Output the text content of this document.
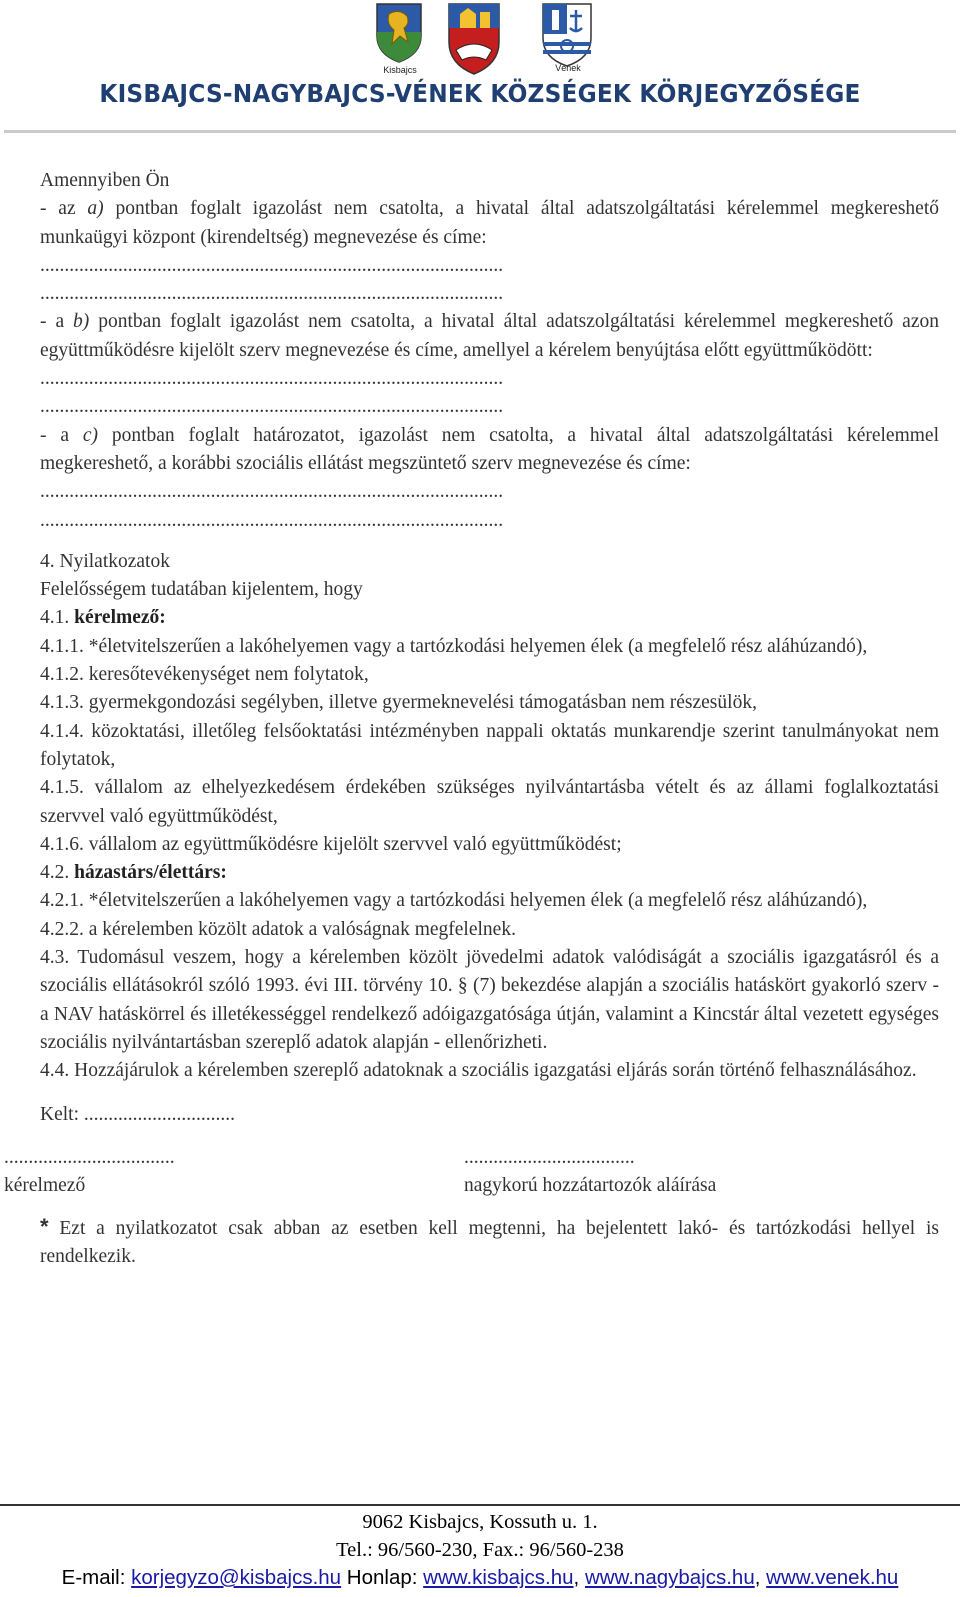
Kisbajcs	Vének
KISBAJCS-NAGYBAJCS-VÉNEK KÖZSÉGEK KÖRJEGYZŐSÉGE

Amennyiben Ön

- az a) pontban foglalt igazolást nem csatolta, a hivatal által adatszolgáltatási kérelemmel megkereshető munkaügyi központ (kirendeltség) megnevezése és címe:

...............................................................................................

...............................................................................................

- a b) pontban foglalt igazolást nem csatolta, a hivatal által adatszolgáltatási kérelemmel megkereshető azon együttműködésre kijelölt szerv megnevezése és címe, amellyel a kérelem benyújtása előtt együttműködött:

...............................................................................................

...............................................................................................

- a c) pontban foglalt határozatot, igazolást nem csatolta, a hivatal által adatszolgáltatási kérelemmel megkereshető, a korábbi szociális ellátást megszüntető szerv megnevezése és címe:

...............................................................................................

...............................................................................................

4. Nyilatkozatok

Felelősségem tudatában kijelentem, hogy

4.1. kérelmező:

4.1.1. *életvitelszerűen a lakóhelyemen vagy a tartózkodási helyemen élek (a megfelelő rész aláhúzandó),

4.1.2. keresőtevékenységet nem folytatok,

4.1.3. gyermekgondozási segélyben, illetve gyermeknevelési támogatásban nem részesülök,

4.1.4. közoktatási, illetőleg felsőoktatási intézményben nappali oktatás munkarendje szerint tanulmányokat nem folytatok,

4.1.5. vállalom az elhelyezkedésem érdekében szükséges nyilvántartásba vételt és az állami foglalkoztatási szervvel való együttműködést,

4.1.6. vállalom az együttműködésre kijelölt szervvel való együttműködést;

4.2. házastárs/élettárs:

4.2.1. *életvitelszerűen a lakóhelyemen vagy a tartózkodási helyemen élek (a megfelelő rész aláhúzandó),

4.2.2. a kérelemben közölt adatok a valóságnak megfelelnek.

4.3. Tudomásul veszem, hogy a kérelemben közölt jövedelmi adatok valódiságát a szociális igazgatásról és a szociális ellátásokról szóló 1993. évi III. törvény 10. § (7) bekezdése alapján a szociális hatáskört gyakorló szerv - a NAV hatáskörrel és illetékességgel rendelkező adóigazgatósága útján, valamint a Kincstár által vezetett egységes szociális nyilvántartásban szereplő adatok alapján - ellenőrizheti.

4.4. Hozzájárulok a kérelemben szereplő adatoknak a szociális igazgatási eljárás során történő felhasználásához.

Kelt: ...............................

...................................
kérelmező
...................................
nagykorú hozzátartozók aláírása

* Ezt a nyilatkozatot csak abban az esetben kell megtenni, ha bejelentett lakó- és tartózkodási hellyel is rendelkezik.

9062 Kisbajcs, Kossuth u. 1.
Tel.: 96/560-230, Fax.: 96/560-238
E-mail: korjegyzo@kisbajcs.hu Honlap: www.kisbajcs.hu, www.nagybajcs.hu, www.venek.hu
